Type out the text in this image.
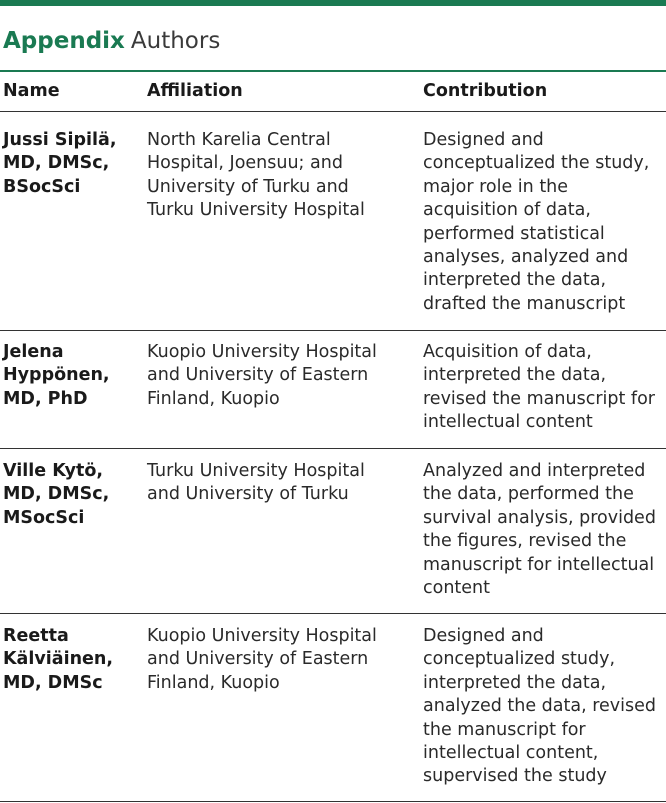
Appendix Authors
Name	Affiliation	Contribution
Jussi Sipilä,
MD, DMSc,
BSocSci
North Karelia Central
Hospital, Joensuu; and
University of Turku and
Turku University Hospital
Designed and
conceptualized the study,
major role in the
acquisition of data,
performed statistical
analyses, analyzed and
interpreted the data,
drafted the manuscript
Jelena
Hyppönen,
MD, PhD
Kuopio University Hospital
and University of Eastern
Finland, Kuopio
Acquisition of data,
interpreted the data,
revised the manuscript for
intellectual content
Ville Kytö,
MD, DMSc,
MSocSci
Turku University Hospital
and University of Turku
Analyzed and interpreted
the data, performed the
survival analysis, provided
the figures, revised the
manuscript for intellectual
content
Reetta
Kälviäinen,
MD, DMSc
Kuopio University Hospital
and University of Eastern
Finland, Kuopio
Designed and
conceptualized study,
interpreted the data,
analyzed the data, revised
the manuscript for
intellectual content,
supervised the study
